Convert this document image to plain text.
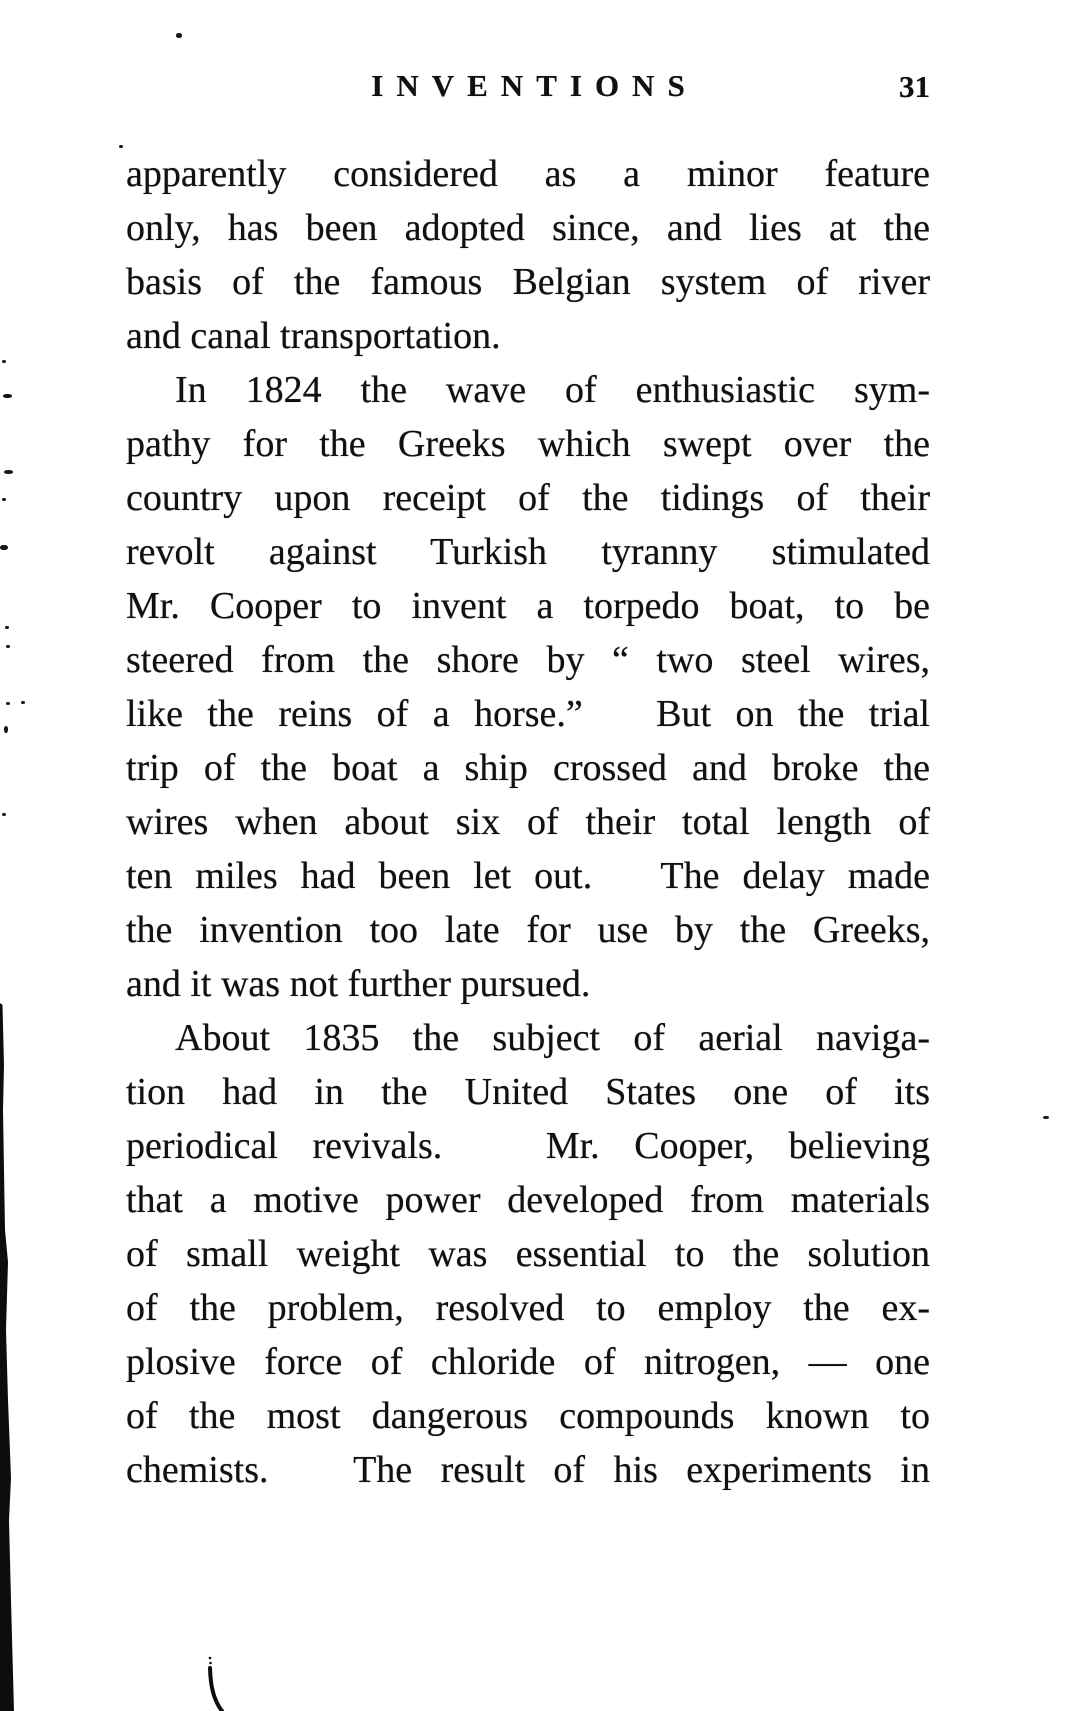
INVENTIONS	31
apparently considered as a minor feature
only, has been adopted since, and lies at the
basis of the famous Belgian system of river
and canal transportation.
In 1824 the wave of enthusiastic sym-
pathy for the Greeks which swept over the
country upon receipt of the tidings of their
revolt against Turkish tyranny stimulated
Mr. Cooper to invent a torpedo boat, to be
steered from the shore by “ two steel wires,
like the reins of a horse.”   But on the trial
trip of the boat a ship crossed and broke the
wires when about six of their total length of
ten miles had been let out.   The delay made
the invention too late for use by the Greeks,
and it was not further pursued.
About 1835 the subject of aerial naviga-
tion had in the United States one of its
periodical revivals.   Mr. Cooper, believing
that a motive power developed from materials
of small weight was essential to the solution
of the problem, resolved to employ the ex-
plosive force of chloride of nitrogen, — one
of the most dangerous compounds known to
chemists.   The result of his experiments in
